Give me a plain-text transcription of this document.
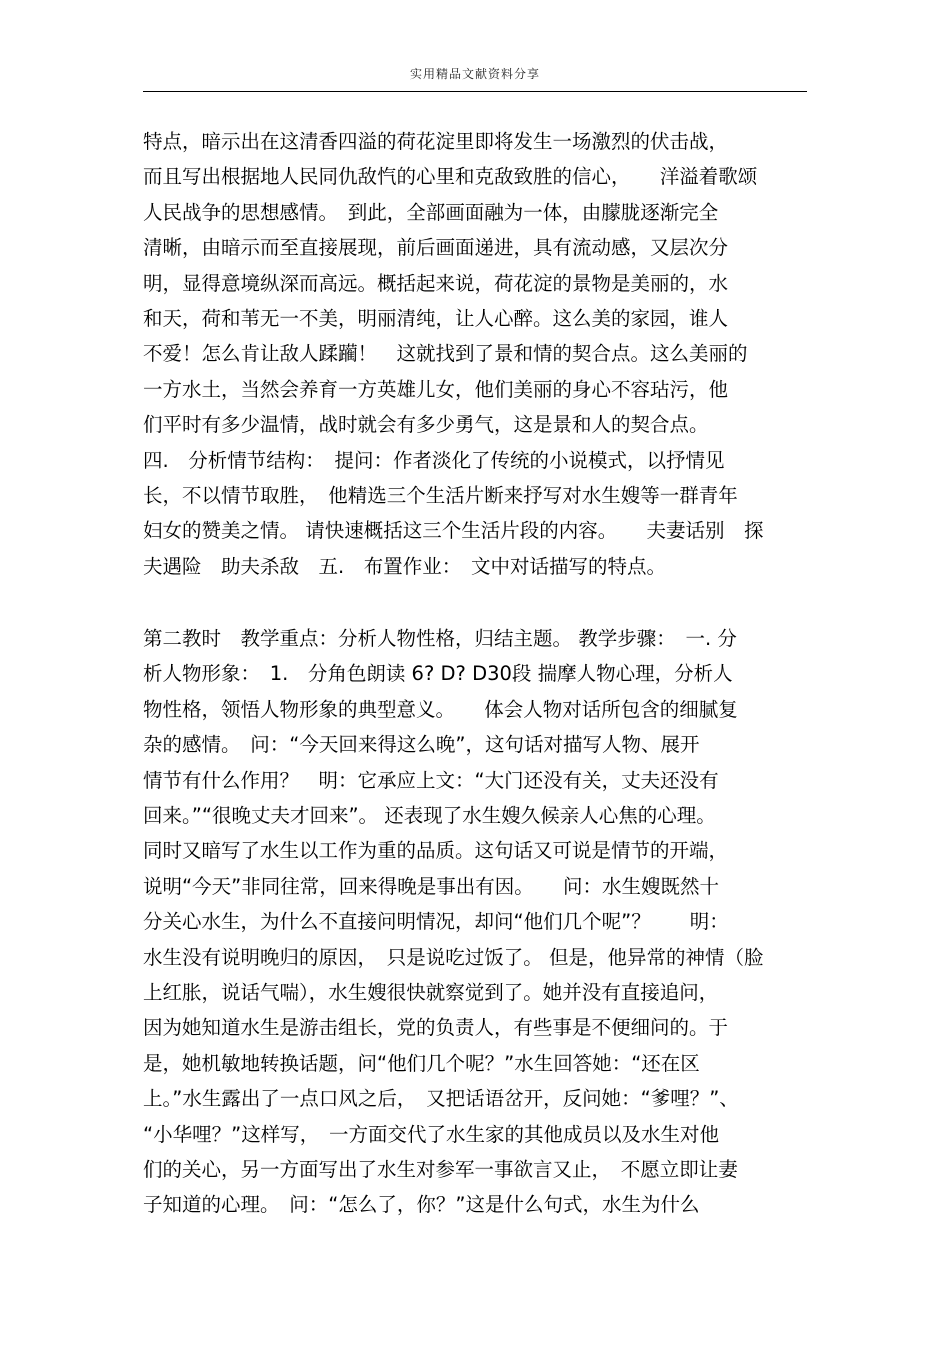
实用精品文献资料分享
特点，暗示出在这清香四溢的荷花淀里即将发生一场激烈的伏击战，
而且写出根据地人民同仇敌忾的心里和克敌致胜的信心，　　洋溢着歌颂
人民战争的思想感情。　到此，全部画面融为一体，由朦胧逐渐完全
清晰，由暗示而至直接展现，前后画面递进，具有流动感，又层次分
明，显得意境纵深而高远。概括起来说，荷花淀的景物是美丽的，水
和天，荷和苇无一不美，明丽清纯，让人心醉。这么美的家园，谁人
不爱！怎么肯让敌人蹂躏！　这就找到了景和情的契合点。这么美丽的
一方水土，当然会养育一方英雄儿女，他们美丽的身心不容玷污，他
们平时有多少温情，战时就会有多少勇气，这是景和人的契合点。
四.　分析情节结构：　提问：作者淡化了传统的小说模式，以抒情见
长，不以情节取胜，　他精选三个生活片断来抒写对水生嫂等一群青年
妇女的赞美之情。 请快速概括这三个生活片段的内容。　　夫妻话别　探
夫遇险　助夫杀敌　五.　布置作业：　文中对话描写的特点。
第二教时　教学重点：分析人物性格，归结主题。 教学步骤：　一. 分
析人物形象：　1.　分角色朗读 6? D? D30段 揣摩人物心理，分析人
物性格，领悟人物形象的典型意义。　　体会人物对话所包含的细腻复
杂的感情。　问：“今天回来得这么晚”，这句话对描写人物、展开
情节有什么作用？　明：它承应上文：“大门还没有关，丈夫还没有
回来。”“很晚丈夫才回来”。 还表现了水生嫂久候亲人心焦的心理。
同时又暗写了水生以工作为重的品质。这句话又可说是情节的开端，
说明“今天”非同往常，回来得晚是事出有因。　　问：水生嫂既然十
分关心水生，为什么不直接问明情况，却问“他们几个呢”？　　明：
水生没有说明晚归的原因，　只是说吃过饭了。 但是，他异常的神情（脸
上红胀，说话气喘），水生嫂很快就察觉到了。她并没有直接追问，
因为她知道水生是游击组长，党的负责人，有些事是不便细问的。于
是，她机敏地转换话题，问“他们几个呢？”水生回答她：“还在区
上。”水生露出了一点口风之后，　又把话语岔开，反问她：“爹哩？”、
“小华哩？”这样写，　一方面交代了水生家的其他成员以及水生对他
们的关心，另一方面写出了水生对参军一事欲言又止，　不愿立即让妻
子知道的心理。　问：“怎么了，你？”这是什么句式，水生为什么
